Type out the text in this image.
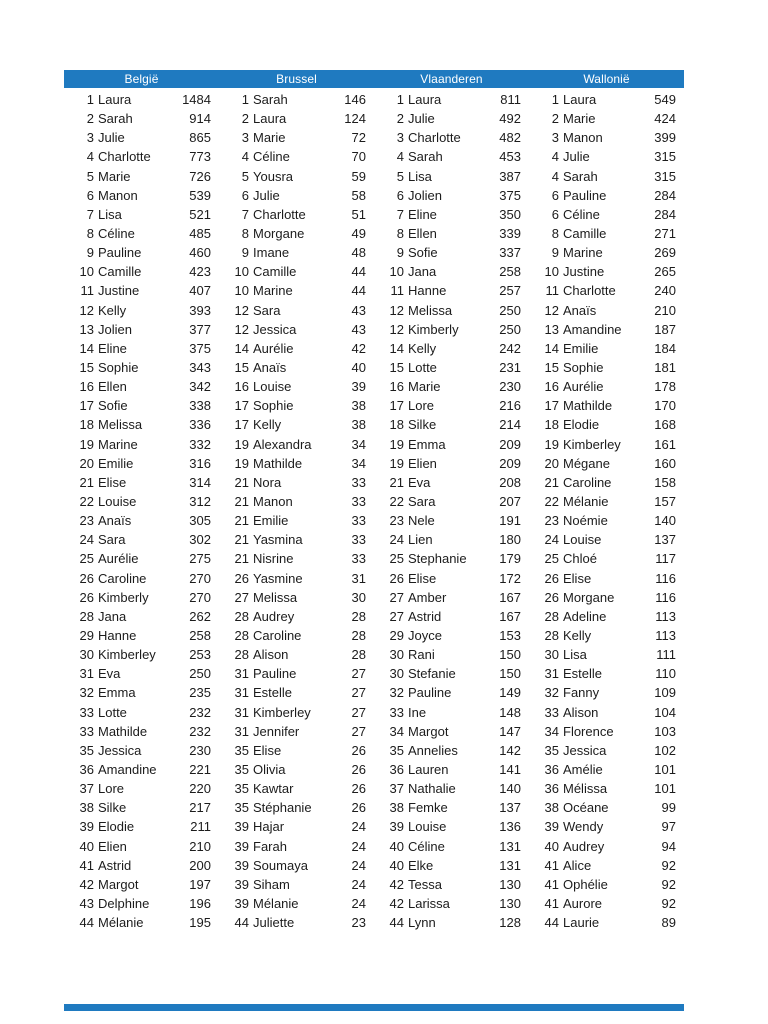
België	Brussel	Vlaanderen	Wallonië
1 Laura	1484	1 Sarah	146	1 Laura	811	1 Laura	549
2 Sarah	914	2 Laura	124	2 Julie	492	2 Marie	424
3 Julie	865	3 Marie	72	3 Charlotte	482	3 Manon	399
4 Charlotte	773	4 Céline	70	4 Sarah	453	4 Julie	315
5 Marie	726	5 Yousra	59	5 Lisa	387	4 Sarah	315
6 Manon	539	6 Julie	58	6 Jolien	375	6 Pauline	284
7 Lisa	521	7 Charlotte	51	7 Eline	350	6 Céline	284
8 Céline	485	8 Morgane	49	8 Ellen	339	8 Camille	271
9 Pauline	460	9 Imane	48	9 Sofie	337	9 Marine	269
10 Camille	423	10 Camille	44	10 Jana	258	10 Justine	265
11 Justine	407	10 Marine	44	11 Hanne	257	11 Charlotte	240
12 Kelly	393	12 Sara	43	12 Melissa	250	12 Anaïs	210
13 Jolien	377	12 Jessica	43	12 Kimberly	250	13 Amandine	187
14 Eline	375	14 Aurélie	42	14 Kelly	242	14 Emilie	184
15 Sophie	343	15 Anaïs	40	15 Lotte	231	15 Sophie	181
16 Ellen	342	16 Louise	39	16 Marie	230	16 Aurélie	178
17 Sofie	338	17 Sophie	38	17 Lore	216	17 Mathilde	170
18 Melissa	336	17 Kelly	38	18 Silke	214	18 Elodie	168
19 Marine	332	19 Alexandra	34	19 Emma	209	19 Kimberley	161
20 Emilie	316	19 Mathilde	34	19 Elien	209	20 Mégane	160
21 Elise	314	21 Nora	33	21 Eva	208	21 Caroline	158
22 Louise	312	21 Manon	33	22 Sara	207	22 Mélanie	157
23 Anaïs	305	21 Emilie	33	23 Nele	191	23 Noémie	140
24 Sara	302	21 Yasmina	33	24 Lien	180	24 Louise	137
25 Aurélie	275	21 Nisrine	33	25 Stephanie	179	25 Chloé	117
26 Caroline	270	26 Yasmine	31	26 Elise	172	26 Elise	116
26 Kimberly	270	27 Melissa	30	27 Amber	167	26 Morgane	116
28 Jana	262	28 Audrey	28	27 Astrid	167	28 Adeline	113
29 Hanne	258	28 Caroline	28	29 Joyce	153	28 Kelly	113
30 Kimberley	253	28 Alison	28	30 Rani	150	30 Lisa	111
31 Eva	250	31 Pauline	27	30 Stefanie	150	31 Estelle	110
32 Emma	235	31 Estelle	27	32 Pauline	149	32 Fanny	109
33 Lotte	232	31 Kimberley	27	33 Ine	148	33 Alison	104
33 Mathilde	232	31 Jennifer	27	34 Margot	147	34 Florence	103
35 Jessica	230	35 Elise	26	35 Annelies	142	35 Jessica	102
36 Amandine	221	35 Olivia	26	36 Lauren	141	36 Amélie	101
37 Lore	220	35 Kawtar	26	37 Nathalie	140	36 Mélissa	101
38 Silke	217	35 Stéphanie	26	38 Femke	137	38 Océane	99
39 Elodie	211	39 Hajar	24	39 Louise	136	39 Wendy	97
40 Elien	210	39 Farah	24	40 Céline	131	40 Audrey	94
41 Astrid	200	39 Soumaya	24	40 Elke	131	41 Alice	92
42 Margot	197	39 Siham	24	42 Tessa	130	41 Ophélie	92
43 Delphine	196	39 Mélanie	24	42 Larissa	130	41 Aurore	92
44 Mélanie	195	44 Juliette	23	44 Lynn	128	44 Laurie	89
